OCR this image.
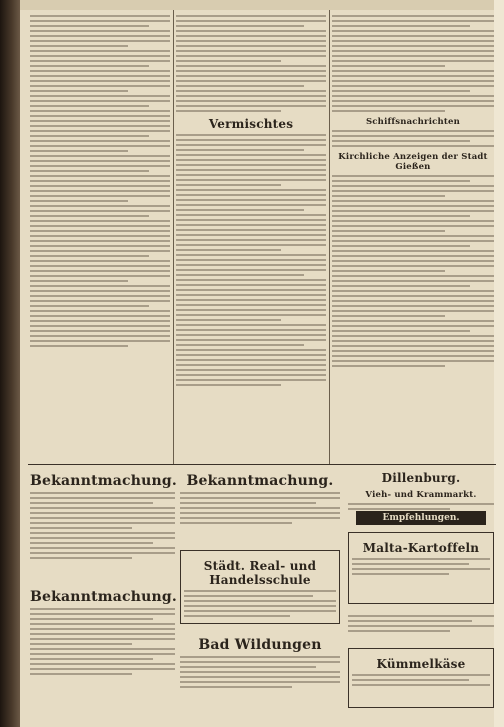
Vermischtes	Schiffsnachrichten
Kirchliche Anzeigen der Stadt Gießen
Bekanntmachung.
Bekanntmachung.
Bekanntmachung.
Städt. Real- und Handelsschule
Bad Wildungen
Dillenburg.
Vieh- und Krammarkt.
Empfehlungen.
Malta-Kartoffeln
Kümmelkäse
